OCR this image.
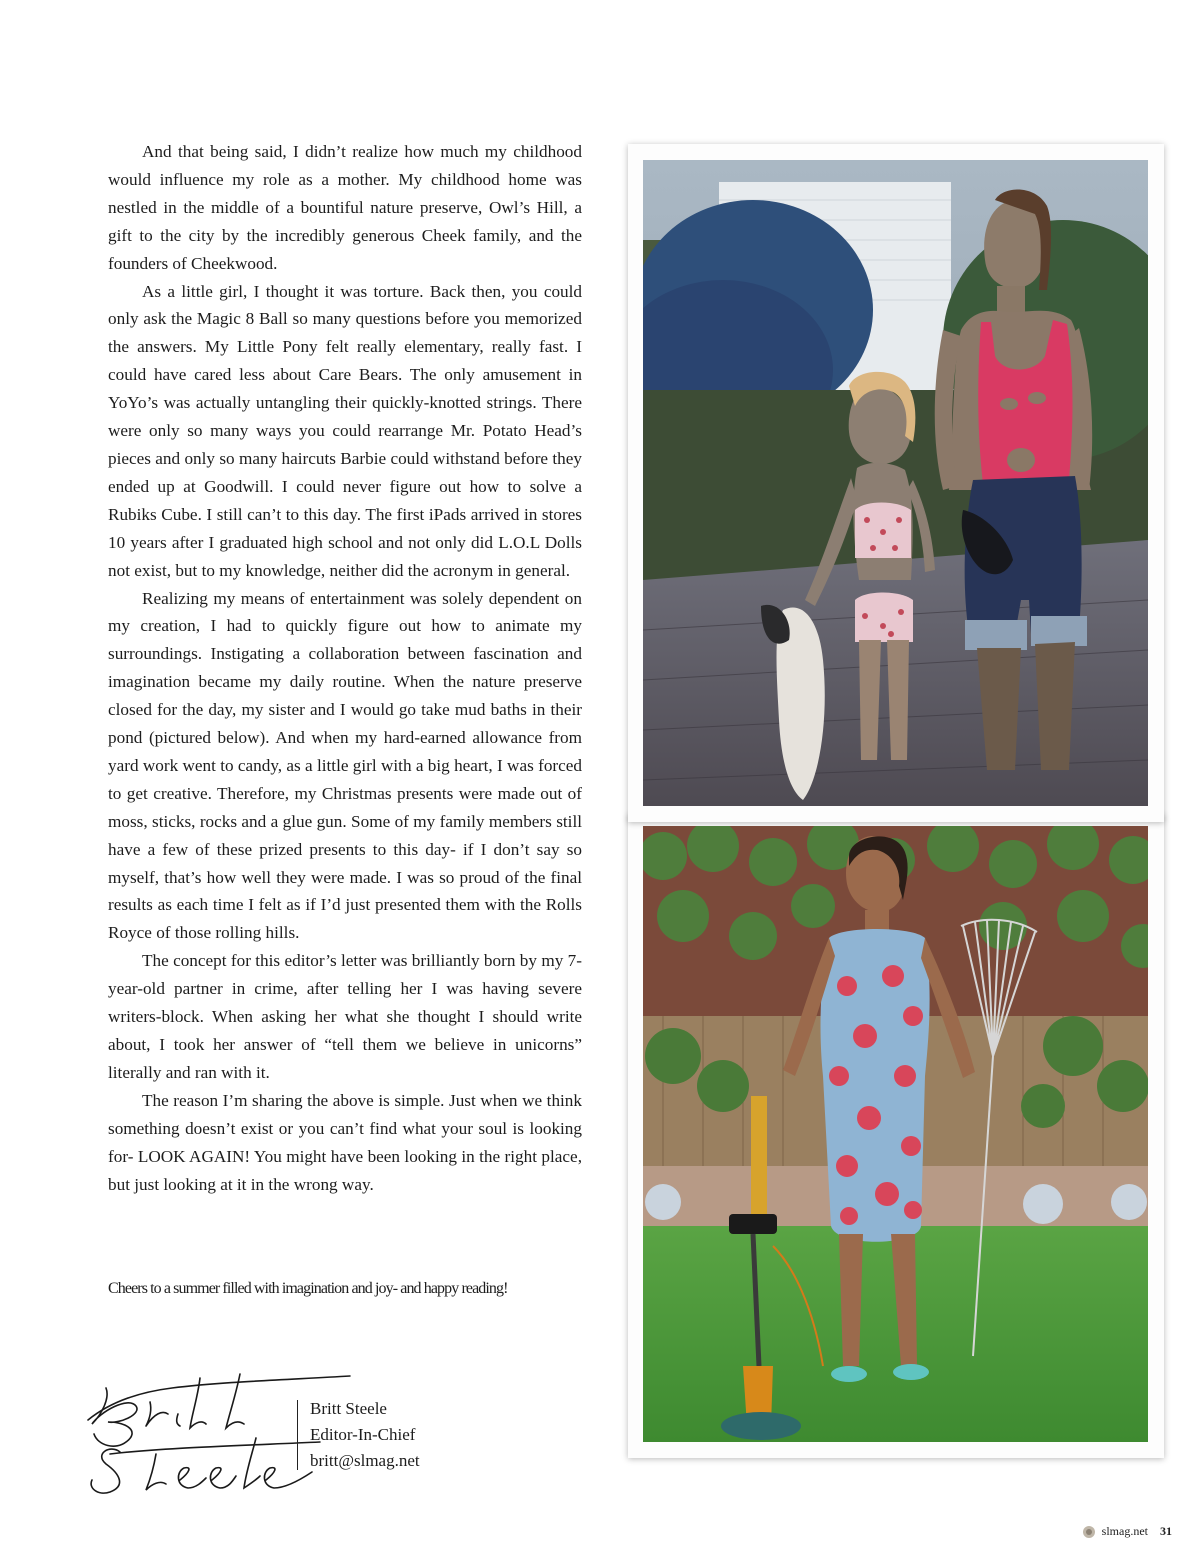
And that being said, I didn’t realize how much my childhood would influence my role as a mother. My childhood home was nestled in the middle of a bountiful nature preserve, Owl’s Hill, a gift to the city by the incredibly generous Cheek family, and the founders of Cheekwood.

As a little girl, I thought it was torture. Back then, you could only ask the Magic 8 Ball so many questions before you memorized the answers. My Little Pony felt really elementary, really fast. I could have cared less about Care Bears. The only amusement in YoYo’s was actually untangling their quickly-knotted strings. There were only so many ways you could rearrange Mr. Potato Head’s pieces and only so many haircuts Barbie could withstand before they ended up at Goodwill. I could never figure out how to solve a Rubiks Cube. I still can’t to this day. The first iPads arrived in stores 10 years after I graduated high school and not only did L.O.L Dolls not exist, but to my knowledge, neither did the acronym in general.

Realizing my means of entertainment was solely dependent on my creation, I had to quickly figure out how to animate my surroundings. Instigating a collaboration between fascination and imagination became my daily routine. When the nature preserve closed for the day, my sister and I would go take mud baths in their pond (pictured below). And when my hard-earned allowance from yard work went to candy, as a little girl with a big heart, I was forced to get creative. Therefore, my Christmas presents were made out of moss, sticks, rocks and a glue gun. Some of my family members still have a few of these prized presents to this day- if I don’t say so myself, that’s how well they were made. I was so proud of the final results as each time I felt as if I’d just presented them with the Rolls Royce of those rolling hills.

The concept for this editor’s letter was brilliantly born by my 7-year-old partner in crime, after telling her I was having severe writers-block. When asking her what she thought I should write about, I took her answer of “tell them we believe in unicorns” literally and ran with it.

The reason I’m sharing the above is simple. Just when we think something doesn’t exist or you can’t find what your soul is looking for- LOOK AGAIN! You might have been looking in the right place, but just looking at it in the wrong way.

Cheers to a summer filled with imagination and joy- and happy reading!
Britt Steele
Editor-In-Chief
britt@slmag.net
slmag.net 31
